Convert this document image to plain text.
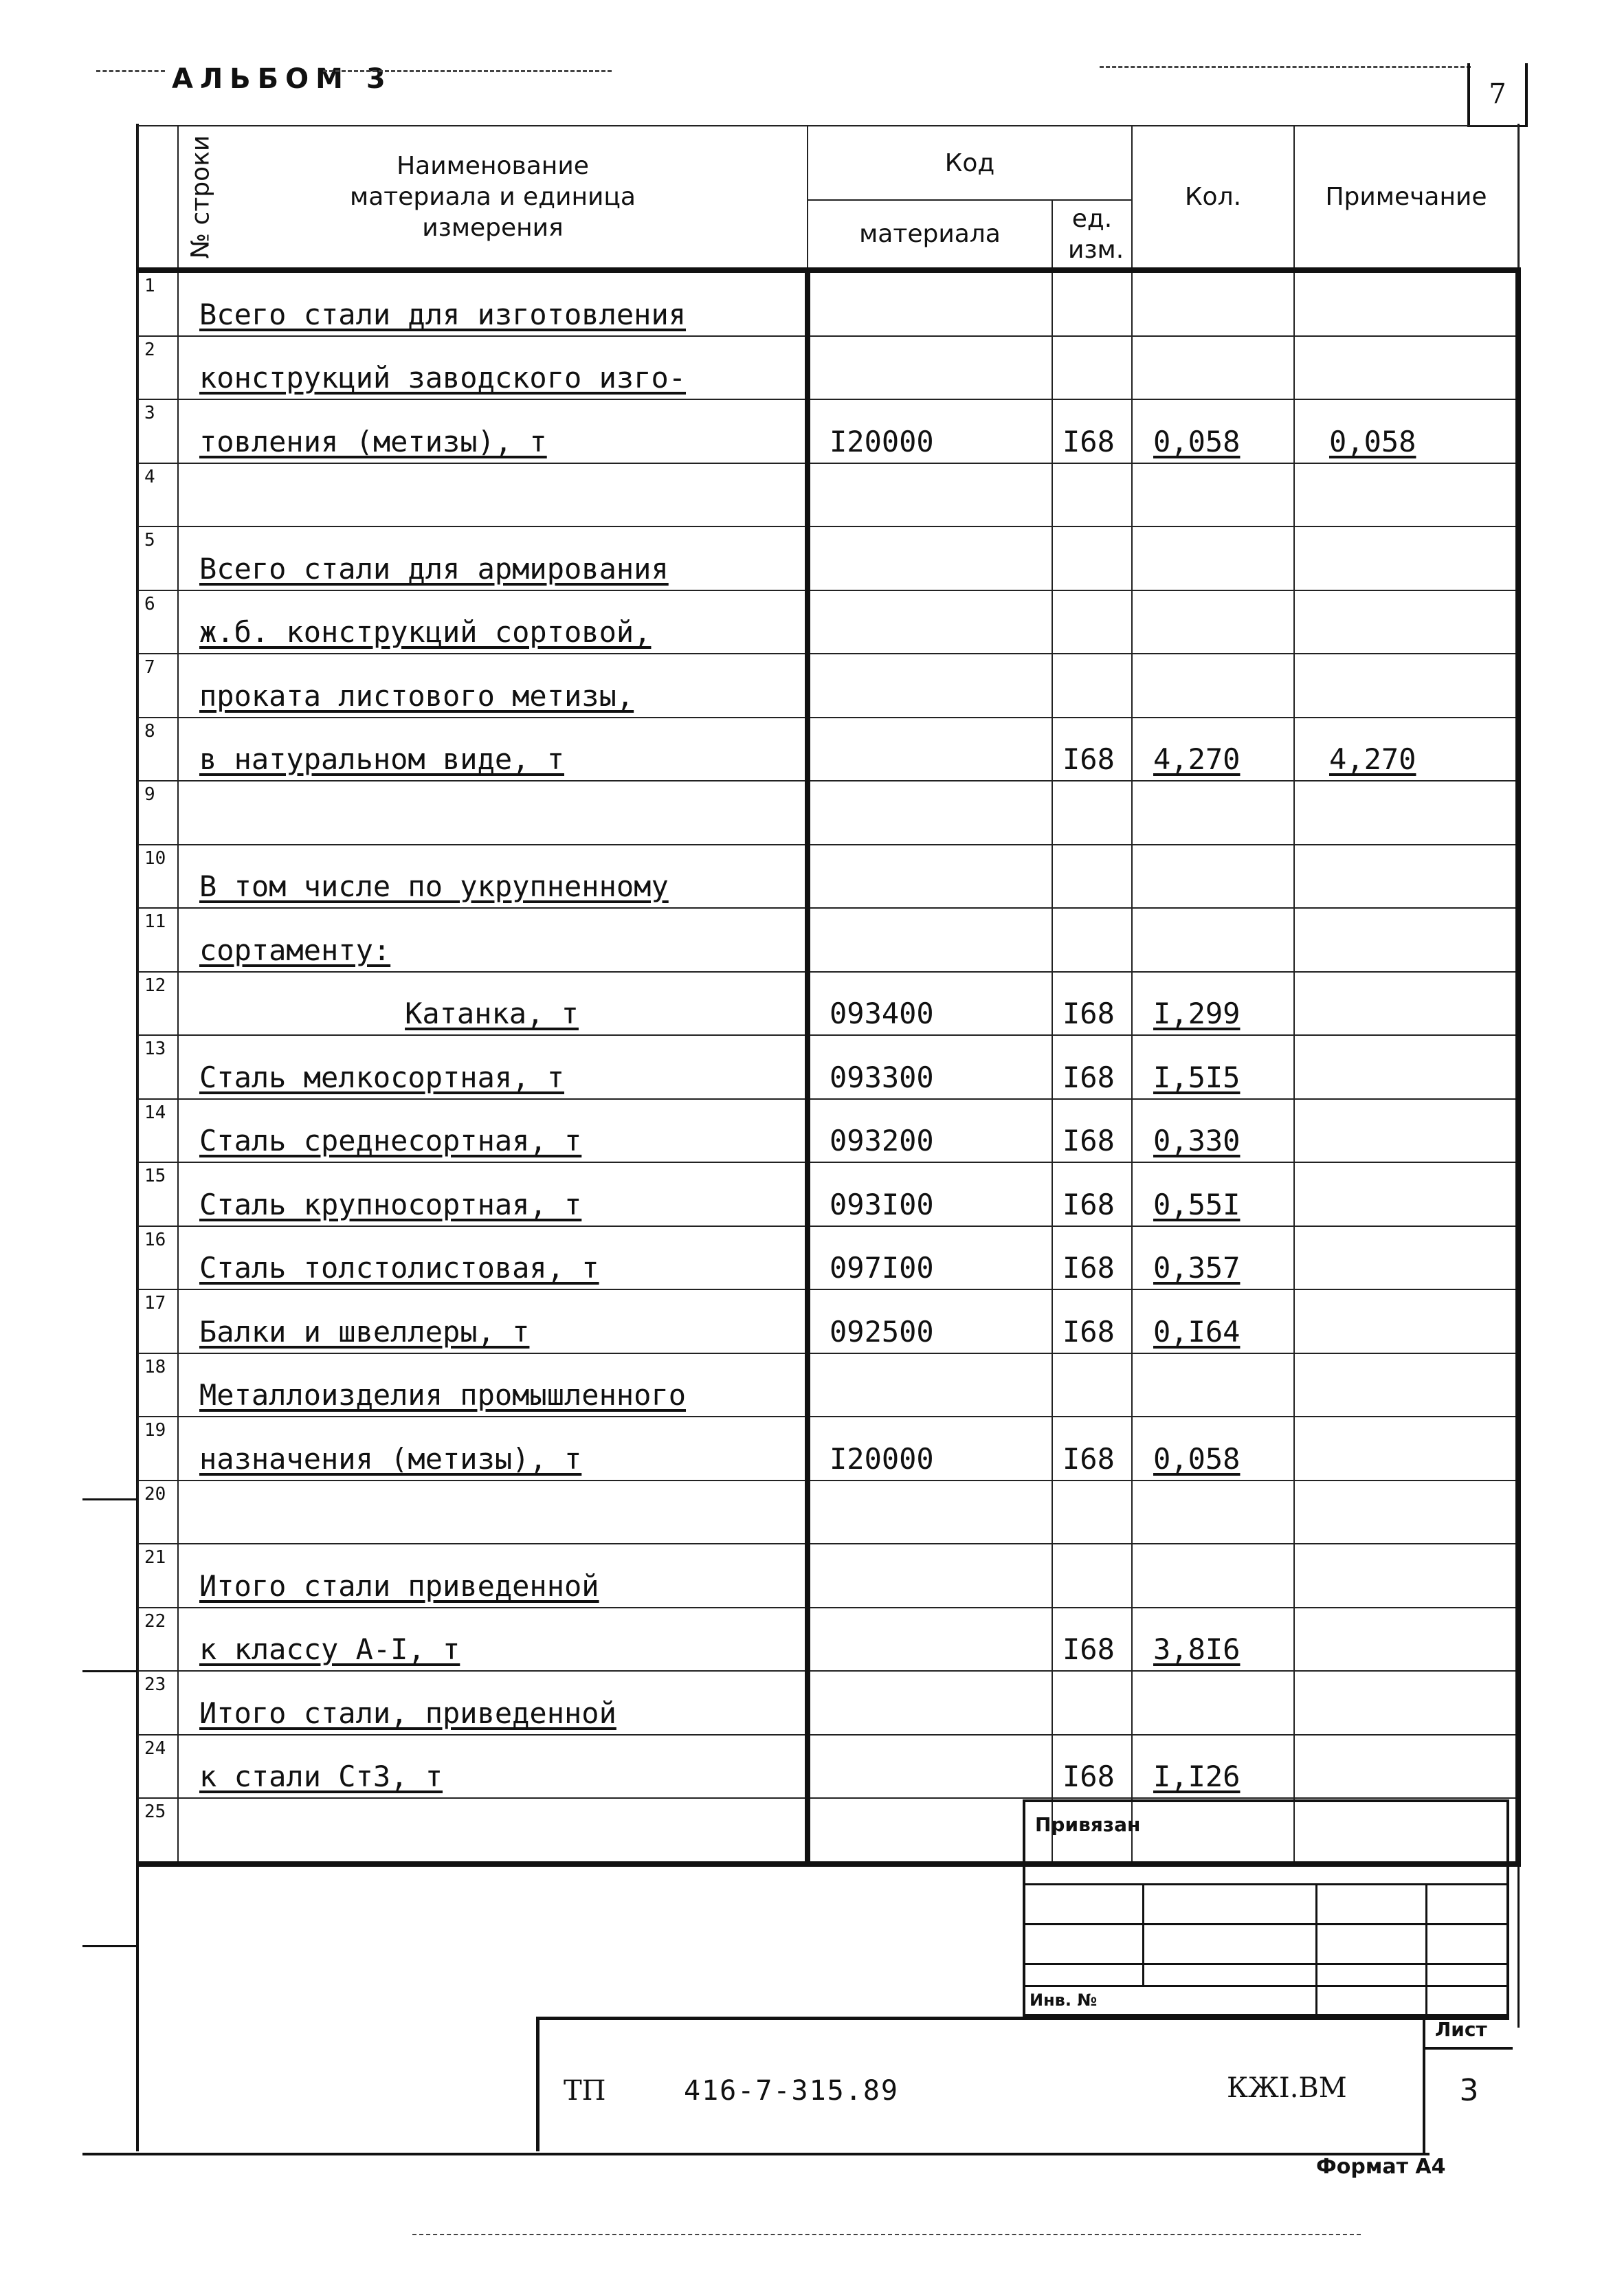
АЛЬБОМ 3	7
№ строки	Наименование материала и единица измерения	Код		Кол.	Примечание
		материала	ед. изм.		

1	Всего стали для изготовления				
2	конструкций заводского изго-				
3	товления (метизы), т	I20000	I68	0,058	0,058
4					
5	Всего стали для армирования				
6	ж.б. конструкций сортовой,				
7	проката листового метизы,				
8	в натуральном виде, т		I68	4,270	4,270
9					
10	В том числе по укрупненному				
11	сортаменту:				
12	Катанка, т	093400	I68	I,299	
13	Сталь мелкосортная, т	093300	I68	I,5I5	
14	Сталь среднесортная, т	093200	I68	0,330	
15	Сталь крупносортная, т	093I00	I68	0,55I	
16	Сталь толстолистовая, т	097I00	I68	0,357	
17	Балки и швеллеры, т	092500	I68	0,I64	
18	Металлоизделия промышленного				
19	назначения (метизы), т	I20000	I68	0,058	
20					
21	Итого стали приведенной				
22	к классу А-I, т		I68	3,8I6	
23	Итого стали, приведенной				
24	к стали Ст3, т		I68	I,I26	
25					
Привязан
Инв. №
ТП	416-7-315.89	КЖI.ВМ
Лист
3
Формат А4
